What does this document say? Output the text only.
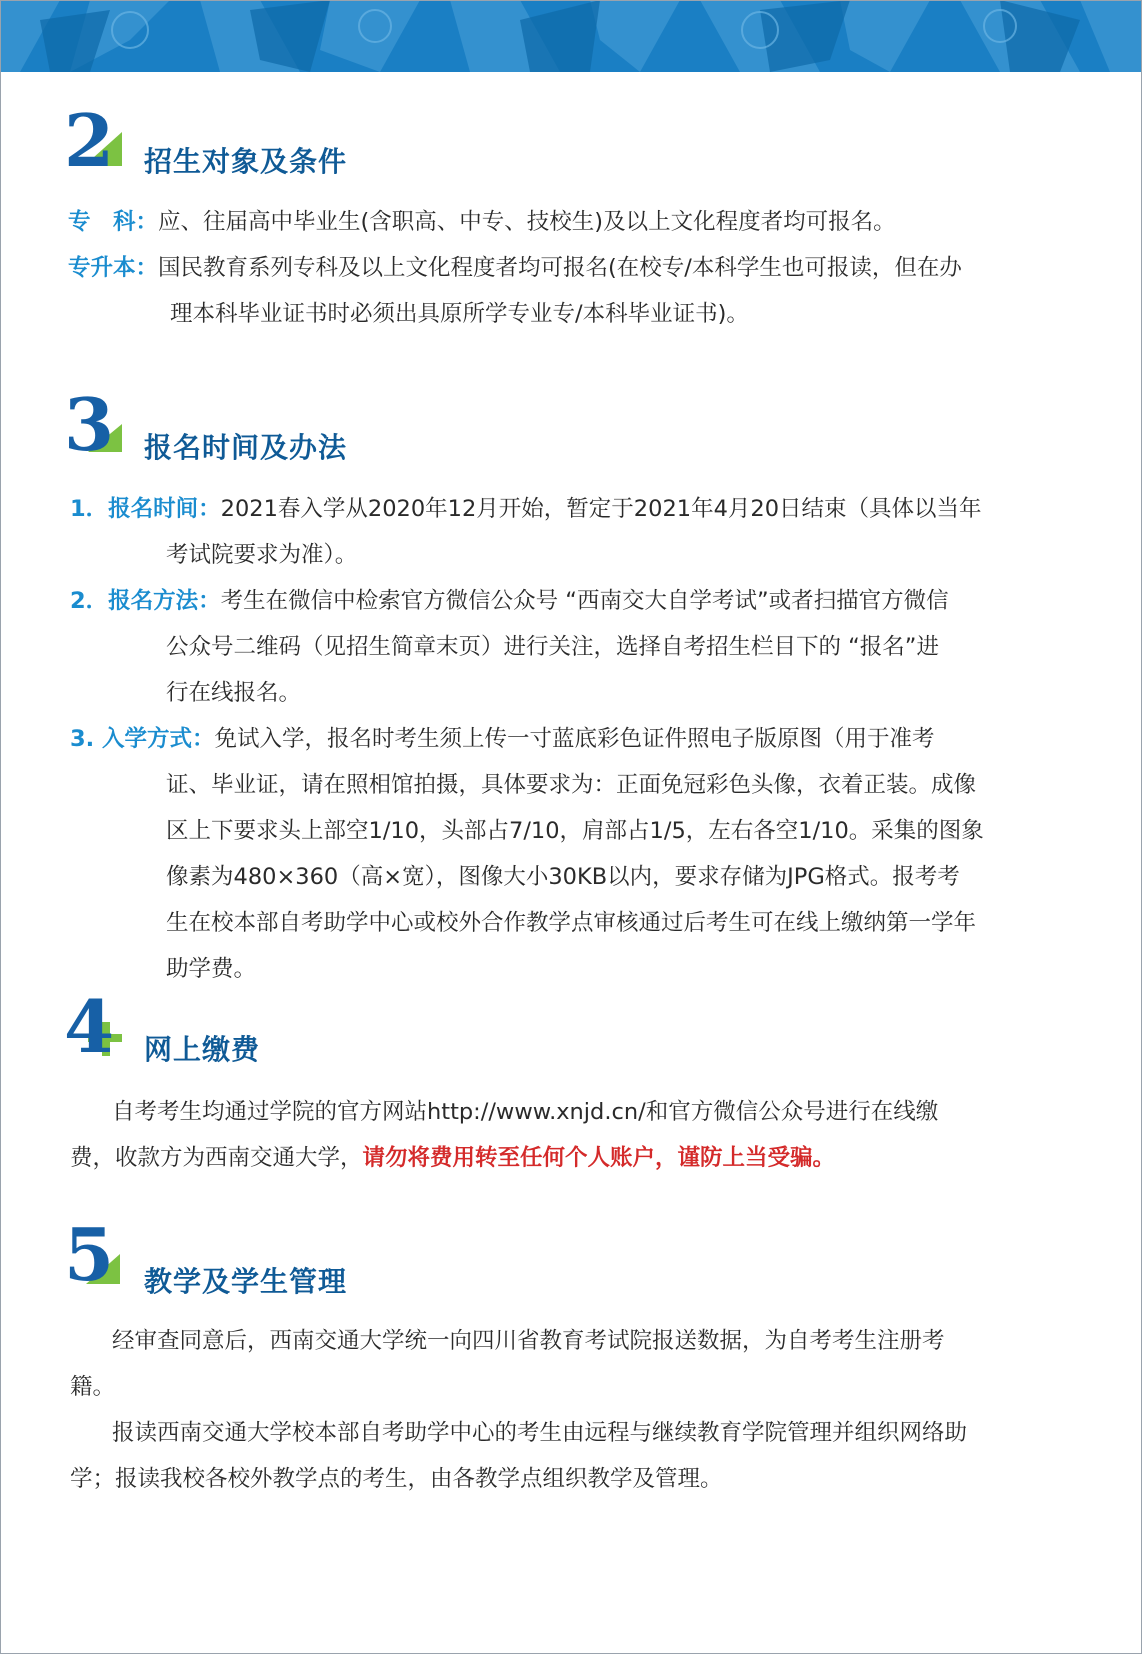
2 招生对象及条件
专　科：应、往届高中毕业生(含职高、中专、技校生)及以上文化程度者均可报名。
专升本：国民教育系列专科及以上文化程度者均可报名(在校专/本科学生也可报读，但在办
理本科毕业证书时必须出具原所学专业专/本科毕业证书)。
3 报名时间及办法
1．报名时间：2021春入学从2020年12月开始，暂定于2021年4月20日结束（具体以当年
考试院要求为准）。
2．报名方法：考生在微信中检索官方微信公众号 “西南交大自学考试”或者扫描官方微信
公众号二维码（见招生简章末页）进行关注，选择自考招生栏目下的 “报名”进
行在线报名。
3. 入学方式：免试入学，报名时考生须上传一寸蓝底彩色证件照电子版原图（用于准考
证、毕业证，请在照相馆拍摄，具体要求为：正面免冠彩色头像，衣着正装。成像
区上下要求头上部空1/10，头部占7/10，肩部占1/5，左右各空1/10。采集的图象
像素为480×360（高×宽），图像大小30KB以内，要求存储为JPG格式。报考考
生在校本部自考助学中心或校外合作教学点审核通过后考生可在线上缴纳第一学年
助学费。
4 网上缴费
自考考生均通过学院的官方网站http://www.xnjd.cn/和官方微信公众号进行在线缴
费，收款方为西南交通大学，请勿将费用转至任何个人账户，谨防上当受骗。
5 教学及学生管理
经审查同意后，西南交通大学统一向四川省教育考试院报送数据，为自考考生注册考
籍。
报读西南交通大学校本部自考助学中心的考生由远程与继续教育学院管理并组织网络助
学；报读我校各校外教学点的考生，由各教学点组织教学及管理。
